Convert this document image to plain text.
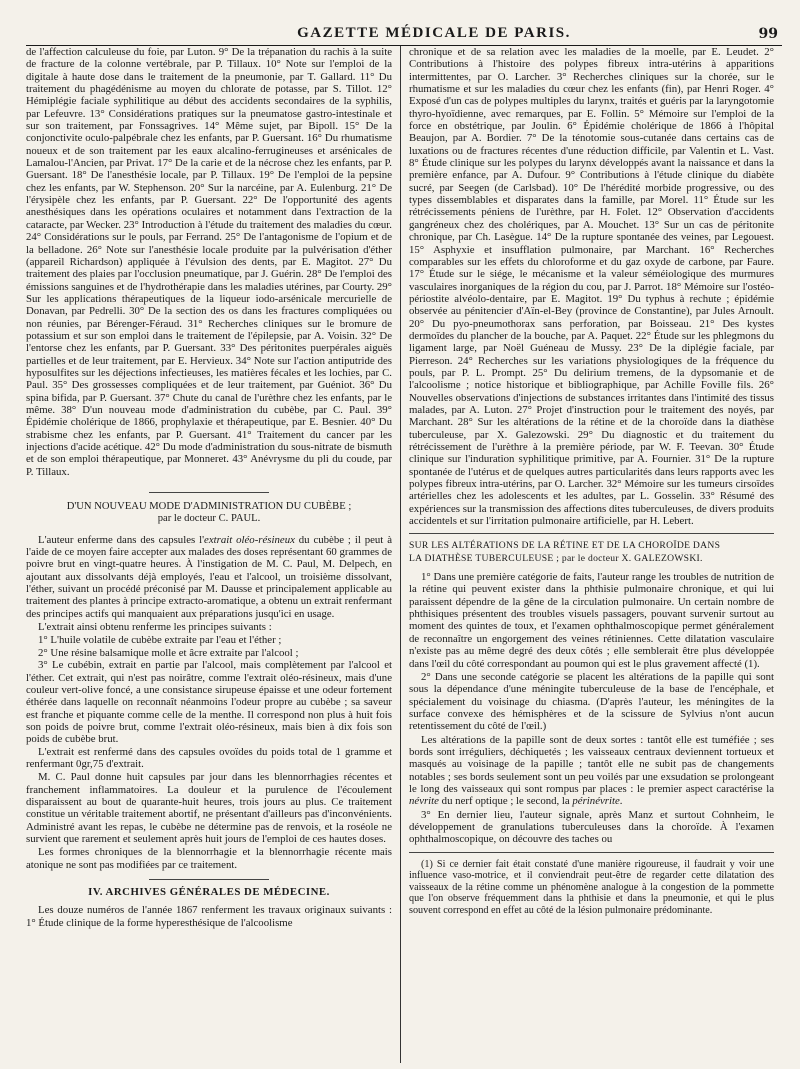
GAZETTE MÉDICALE DE PARIS.	99

de l'affection calculeuse du foie, par Luton. 9° De la trépanation du rachis à la suite de fracture de la colonne vertébrale, par P. Tillaux. 10° Note sur l'emploi de la digitale à haute dose dans le traitement de la pneumonie, par T. Gallard. 11° Du traitement du phagédénisme au moyen du chlorate de potasse, par S. Tillot. 12° Hémiplégie faciale syphilitique au début des accidents secondaires de la syphilis, par Lefeuvre. 13° Considérations pratiques sur la pneumatose gastro-intestinale et sur son traitement, par Fonssagrives. 14° Même sujet, par Bipoll. 15° De la conjonctivite oculo-palpébrale chez les enfants, par P. Guersant. 16° Du rhumatisme noueux et de son traitement par les eaux alcalino-ferrugineuses et arsénicales de Lamalou-l'Ancien, par Privat. 17° De la carie et de la nécrose chez les enfants, par P. Guersant. 18° De l'anesthésie locale, par P. Tillaux. 19° De l'emploi de la pepsine chez les enfants, par W. Stephenson. 20° Sur la narcéine, par A. Eulenburg. 21° De l'érysipèle chez les enfants, par P. Guersant. 22° De l'opportunité des agents anesthésiques dans les opérations oculaires et notamment dans l'extraction de la cataracte, par Wecker. 23° Introduction à l'étude du traitement des maladies du cœur. 24° Considérations sur le pouls, par Ferrand. 25° De l'antagonisme de l'opium et de la belladone. 26° Note sur l'anesthésie locale produite par la pulvérisation d'éther (appareil Richardson) appliquée à l'évulsion des dents, par E. Magitot. 27° Du traitement des plaies par l'occlusion pneumatique, par J. Guérin. 28° De l'emploi des émissions sanguines et de l'hydrothérapie dans les maladies utérines, par Courty. 29° Sur les applications thérapeutiques de la liqueur iodo-arsénicale mercurielle de Donavan, par Pedrelli. 30° De la section des os dans les fractures compliquées ou non réunies, par Bérenger-Féraud. 31° Recherches cliniques sur le bromure de potassium et sur son emploi dans le traitement de l'épilepsie, par A. Voisin. 32° De l'entorse chez les enfants, par P. Guersant. 33° Des péritonites puerpérales aiguës partielles et de leur traitement, par E. Hervieux. 34° Note sur l'action antiputride des hyposulfites sur les déjections infectieuses, les matières fécales et les lochies, par C. Paul. 35° Des grossesses compliquées et de leur traitement, par Guéniot. 36° Du spina bifida, par P. Guersant. 37° Chute du canal de l'urèthre chez les enfants, par le même. 38° D'un nouveau mode d'administration du cubèbe, par C. Paul. 39° Épidémie cholérique de 1866, prophylaxie et thérapeutique, par E. Besnier. 40° Du strabisme chez les enfants, par P. Guersant. 41° Traitement du cancer par les injections d'acide acétique. 42° Du mode d'administration du sous-nitrate de bismuth et de son emploi thérapeutique, par Monneret. 43° Anévrysme du pli du coude, par P. Tillaux.

D'UN NOUVEAU MODE D'ADMINISTRATION DU CUBÈBE ;
par le docteur C. PAUL.

L'auteur enferme dans des capsules l'extrait oléo-résineux du cubèbe ; il peut à l'aide de ce moyen faire accepter aux malades des doses représentant 60 grammes de poivre brut en vingt-quatre heures. À l'instigation de M. C. Paul, M. Delpech, en ajoutant aux dissolvants déjà employés, l'eau et l'alcool, un troisième dissolvant, l'éther, suivant un procédé préconisé par M. Dausse et principalement applicable au traitement des plantes à principe extracto-aromatique, a obtenu un extrait renfermant des principes actifs qui manquaient aux préparations jusqu'ici en usage.

L'extrait ainsi obtenu renferme les principes suivants :

1° L'huile volatile de cubèbe extraite par l'eau et l'éther ;
2° Une résine balsamique molle et âcre extraite par l'alcool ;
3° Le cubébin, extrait en partie par l'alcool, mais complètement par l'alcool et l'éther. Cet extrait, qui n'est pas noirâtre, comme l'extrait oléo-résineux, mais d'une couleur vert-olive foncé, a une consistance sirupeuse épaisse et une odeur fortement éthérée dans laquelle on reconnaît néanmoins l'odeur propre au cubèbe ; sa saveur est franche et piquante comme celle de la menthe. Il correspond non plus à huit fois son poids de poivre brut, comme l'extrait oléo-résineux, mais bien à dix fois son poids de cubèbe brut.

L'extrait est renfermé dans des capsules ovoïdes du poids total de 1 gramme et renfermant 0gr,75 d'extrait.

M. C. Paul donne huit capsules par jour dans les blennorrhagies récentes et franchement inflammatoires. La douleur et la purulence de l'écoulement disparaissent au bout de quarante-huit heures, trois jours au plus. Ce traitement constitue un véritable traitement abortif, ne présentant d'ailleurs pas d'inconvénients. Administré avant les repas, le cubèbe ne détermine pas de renvois, et la roséole ne survient que rarement et seulement après huit jours de l'emploi de ces hautes doses.

Les formes chroniques de la blennorrhagie et la blennorrhagie récente mais atonique ne sont pas modifiées par ce traitement.

IV. ARCHIVES GÉNÉRALES DE MÉDECINE.

Les douze numéros de l'année 1867 renferment les travaux originaux suivants : 1° Étude clinique de la forme hyperesthésique de l'alcoolisme

chronique et de sa relation avec les maladies de la moelle, par E. Leudet. 2° Contributions à l'histoire des polypes fibreux intra-utérins à apparitions intermittentes, par O. Larcher. 3° Recherches cliniques sur la chorée, sur le rhumatisme et sur les maladies du cœur chez les enfants (fin), par Henri Roger. 4° Exposé d'un cas de polypes multiples du larynx, traités et guéris par la laryngotomie thyro-hyoïdienne, avec remarques, par E. Follin. 5° Mémoire sur l'emploi de la force en obstétrique, par Joulin. 6° Épidémie cholérique de 1866 à l'hôpital Beaujon, par A. Bordier. 7° De la ténotomie sous-cutanée dans certains cas de luxations ou de fractures récentes d'une réduction difficile, par Valentin et L. Vast. 8° Étude clinique sur les polypes du larynx développés avant la naissance et dans la première enfance, par A. Dufour. 9° Contributions à l'étude clinique du diabète sucré, par Seegen (de Carlsbad). 10° De l'hérédité morbide progressive, ou des types dissemblables et disparates dans la famille, par Morel. 11° Étude sur les rétrécissements péniens de l'urèthre, par H. Folet. 12° Observation d'accidents gangréneux chez des cholériques, par A. Mouchet. 13° Sur un cas de péritonite chronique, par Ch. Lasègue. 14° De la rupture spontanée des veines, par Legouest. 15° Asphyxie et insufflation pulmonaire, par Marchant. 16° Recherches comparables sur les effets du chloroforme et du gaz oxyde de carbone, par Faure. 17° Étude sur le siége, le mécanisme et la valeur séméiologique des murmures vasculaires inorganiques de la région du cou, par J. Parrot. 18° Mémoire sur l'ostéo-périostite alvéolo-dentaire, par E. Magitot. 19° Du typhus à rechute ; épidémie observée au pénitencier d'Aïn-el-Bey (province de Constantine), par Jules Arnoult. 20° Du pyo-pneumothorax sans perforation, par Boisseau. 21° Des kystes dermoïdes du plancher de la bouche, par A. Paquet. 22° Étude sur les phlegmons du ligament large, par Noël Guéneau de Mussy. 23° De la diplégie faciale, par Pierreson. 24° Recherches sur les variations physiologiques de la fréquence du pouls, par P. L. Prompt. 25° Du delirium tremens, de la dypsomanie et de l'alcoolisme ; notice historique et bibliographique, par Achille Foville fils. 26° Nouvelles observations d'injections de substances irritantes dans l'intimité des tissus malades, par A. Luton. 27° Projet d'instruction pour le traitement des noyés, par Marchant. 28° Sur les altérations de la rétine et de la choroïde dans la diathèse tuberculeuse, par X. Galezowski. 29° Du diagnostic et du traitement du rétrécissement de l'urèthre à la première période, par W. F. Teevan. 30° Étude clinique sur l'induration syphilitique primitive, par A. Fournier. 31° De la rupture spontanée de l'utérus et de quelques autres particularités dans leurs rapports avec les polypes fibreux intra-utérins, par O. Larcher. 32° Mémoire sur les tumeurs cirsoïdes artérielles chez les adolescents et les adultes, par L. Gosselin. 33° Résumé des expériences sur la transmission des affections dites tuberculeuses, de divers produits accidentels et sur l'irritation pulmonaire artificielle, par H. Lebert.

SUR LES ALTÉRATIONS DE LA RÉTINE ET DE LA CHOROÏDE DANS
LA DIATHÈSE TUBERCULEUSE ; par le docteur X. GALEZOWSKI.

1° Dans une première catégorie de faits, l'auteur range les troubles de nutrition de la rétine qui peuvent exister dans la phthisie pulmonaire chronique, et qui lui paraissent dépendre de la gêne de la circulation pulmonaire. Un certain nombre de phthisiques présentent des troubles visuels passagers, pouvant survenir surtout au moment des quintes de toux, et l'examen ophthalmoscopique permet généralement de reconnaître un engorgement des veines rétiniennes. Cette dilatation vasculaire n'existe pas au même degré des deux côtés ; elle semblerait être plus développée dans l'œil du côté correspondant au poumon qui est le plus gravement affecté (1).

2° Dans une seconde catégorie se placent les altérations de la papille qui sont sous la dépendance d'une méningite tuberculeuse de la base de l'encéphale, et spécialement du voisinage du chiasma. (D'après l'auteur, les méningites de la surface convexe des hémisphères et de la scissure de Sylvius n'ont aucun retentissement du côté de l'œil.)

Les altérations de la papille sont de deux sortes : tantôt elle est tuméfiée ; ses bords sont irréguliers, déchiquetés ; les vaisseaux centraux deviennent tortueux et masqués au voisinage de la papille ; tantôt elle ne subit pas de changements notables ; ses bords seulement sont un peu voilés par une exsudation se prolongeant le long des vaisseaux qui sont rompus par places : le premier aspect caractérise la névrite du nerf optique ; le second, la périnévrite.

3° En dernier lieu, l'auteur signale, après Manz et surtout Cohnheim, le développement de granulations tuberculeuses dans la choroïde. À l'examen ophthalmoscopique, on découvre des taches ou

(1) Si ce dernier fait était constaté d'une manière rigoureuse, il faudrait y voir une influence vaso-motrice, et il conviendrait peut-être de regarder cette dilatation des vaisseaux de la rétine comme un phénomène analogue à la congestion de la pommette que l'on observe fréquemment dans la phthisie et dans la pneumonie, et qui le plus souvent correspond en effet au côté de la lésion pulmonaire prédominante.
